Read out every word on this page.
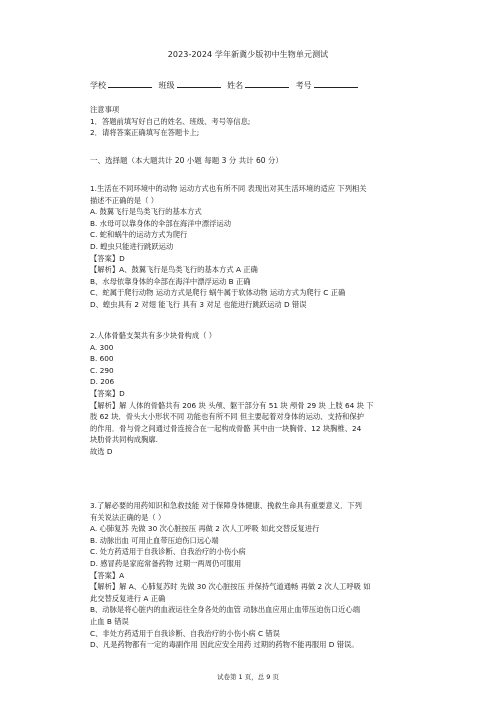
2023-2024 学年新冀少版初中生物单元测试
学校	班级	姓名	考号
注意事项
1．答题前填写好自己的姓名、班级、考号等信息;
2．请将答案正确填写在答题卡上;
一、选择题（本大题共计 20 小题 每题 3 分 共计 60 分）
1.生活在不同环境中的动物 运动方式也有所不同 表现出对其生活环境的适应 下列相关
描述不正确的是（ ）
A. 鼓翼飞行是鸟类飞行的基本方式
B. 水母可以靠身体的伞部在海洋中漂浮运动
C. 蛇和蜗牛的运动方式为爬行
D. 蝗虫只能进行跳跃运动
【答案】D
【解析】A、鼓翼飞行是鸟类飞行的基本方式 A 正确
B、水母依靠身体的伞部在海洋中漂浮运动 B 正确
C、蛇属于爬行动物 运动方式是爬行 蜗牛属于软体动物 运动方式为爬行 C 正确
D、蝗虫具有 2 对翅 能飞行 具有 3 对足 也能进行跳跃运动 D 错误
2.人体骨骼支架共有多少块骨构成（ ）
A. 300
B. 600
C. 290
D. 206
【答案】D
【解析】解 人体的骨骼共有 206 块 头颅、躯干部分有 51 块 颅骨 29 块 上肢 64 块 下
肢 62 块．骨头大小形状不同 功能也有所不同 但主要起着对身体的运动、支持和保护
的作用．骨与骨之间通过骨连接合在一起构成骨骼 其中由一块胸骨、12 块胸椎、24
块肋骨共同构成胸廓.
故选 D
3.了解必要的用药知识和急救技能 对于保障身体健康、挽救生命具有重要意义．下列
有关说法正确的是（ ）
A. 心肺复苏 先做 30 次心脏按压 再做 2 次人工呼吸 如此交替反复进行
B. 动脉出血 可用止血带压迫伤口远心端
C. 处方药适用于自我诊断、自我治疗的小伤小病
D. 感冒药是家庭常备药物 过期一两周仍可服用
【答案】A
【解析】解 A、心肺复苏时 先做 30 次心脏按压 并保持气道通畅 再做 2 次人工呼吸 如
此交替反复进行 A 正确
B、动脉是将心脏内的血液运往全身各处的血管 动脉出血应用止血带压迫伤口近心端
止血 B 错误
C、非处方药适用于自我诊断、自我治疗的小伤小病 C 错误
D、凡是药物都有一定的毒副作用 因此应安全用药 过期的药物不能再服用 D 错误。
试卷第 1 页，总 9 页
